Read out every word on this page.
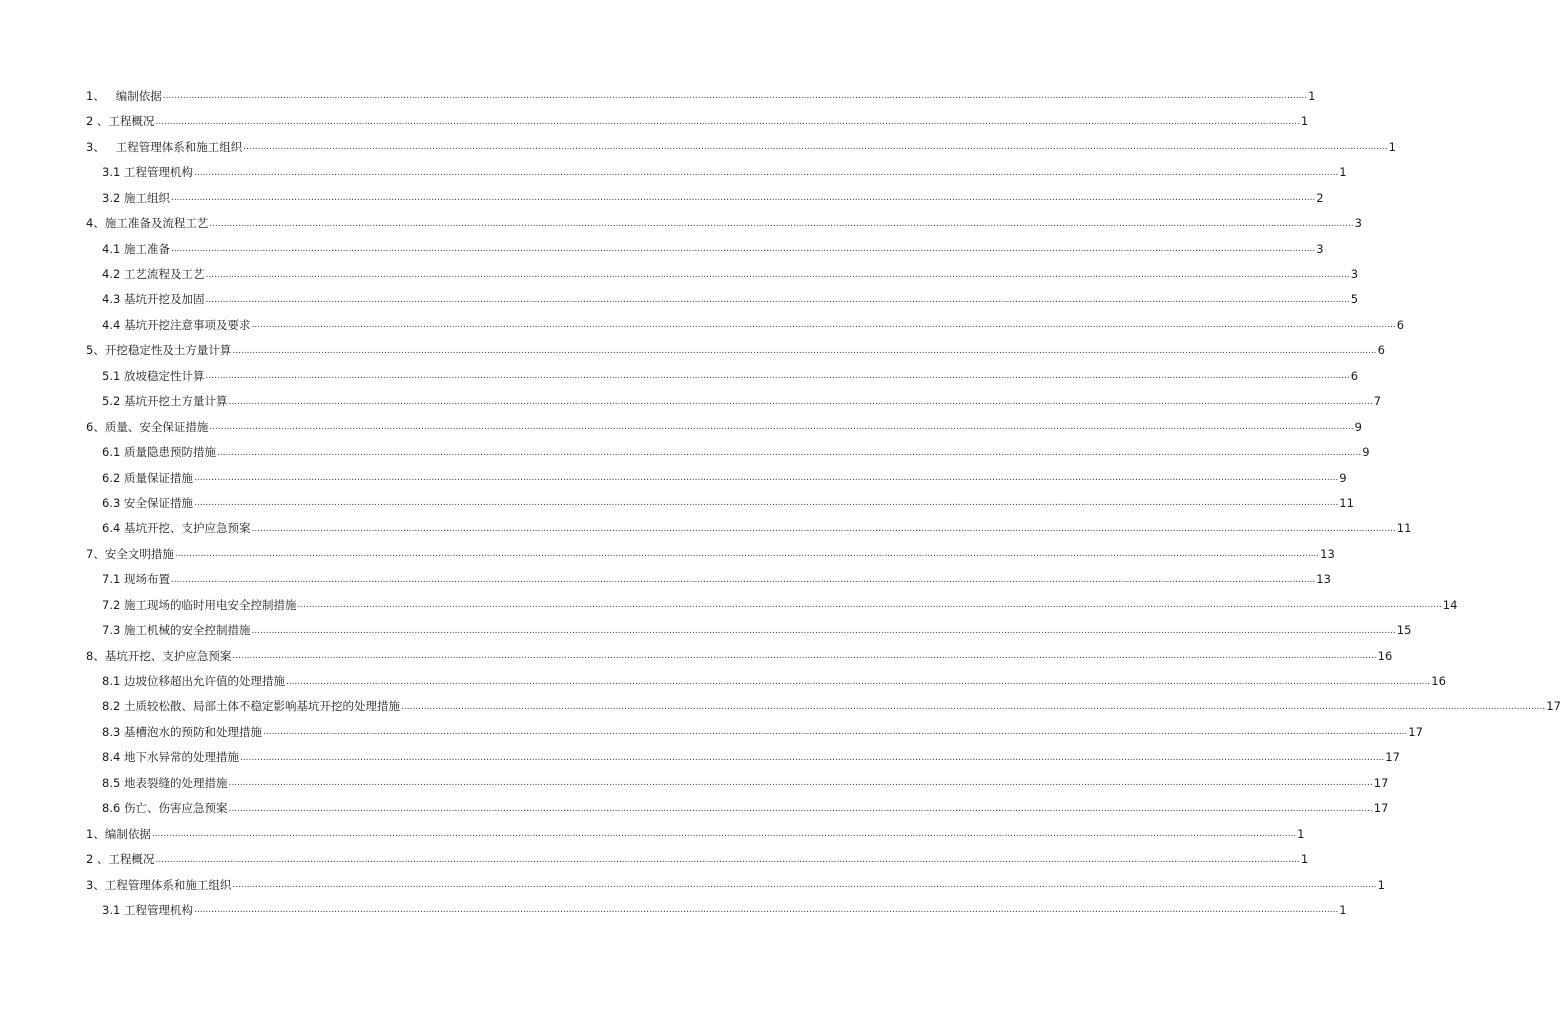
1、   编制依据 ................................................................................................................................................................................................................................................................................................................................................................................................................ 1
2 、工程概况 ................................................................................................................................................................................................................................................................................................................................................................................................................ 1
3、   工程管理体系和施工组织 ................................................................................................................................................................................................................................................................................................................................................................................................................ 1
3.1 工程管理机构 ................................................................................................................................................................................................................................................................................................................................................................................................................ 1
3.2 施工组织 ................................................................................................................................................................................................................................................................................................................................................................................................................ 2
4、施工准备及流程工艺 ................................................................................................................................................................................................................................................................................................................................................................................................................ 3
4.1 施工准备 ................................................................................................................................................................................................................................................................................................................................................................................................................ 3
4.2 工艺流程及工艺 ................................................................................................................................................................................................................................................................................................................................................................................................................ 3
4.3 基坑开挖及加固 ................................................................................................................................................................................................................................................................................................................................................................................................................ 5
4.4 基坑开挖注意事项及要求 ................................................................................................................................................................................................................................................................................................................................................................................................................ 6
5、开挖稳定性及土方量计算 ................................................................................................................................................................................................................................................................................................................................................................................................................ 6
5.1 放坡稳定性计算 ................................................................................................................................................................................................................................................................................................................................................................................................................ 6
5.2 基坑开挖土方量计算 ................................................................................................................................................................................................................................................................................................................................................................................................................ 7
6、质量、安全保证措施 ................................................................................................................................................................................................................................................................................................................................................................................................................ 9
6.1 质量隐患预防措施 ................................................................................................................................................................................................................................................................................................................................................................................................................ 9
6.2 质量保证措施 ................................................................................................................................................................................................................................................................................................................................................................................................................ 9
6.3 安全保证措施 ................................................................................................................................................................................................................................................................................................................................................................................................................ 11
6.4 基坑开挖、支护应急预案 ................................................................................................................................................................................................................................................................................................................................................................................................................ 11
7、安全文明措施 ................................................................................................................................................................................................................................................................................................................................................................................................................ 13
7.1 现场布置 ................................................................................................................................................................................................................................................................................................................................................................................................................ 13
7.2 施工现场的临时用电安全控制措施 ................................................................................................................................................................................................................................................................................................................................................................................................................ 14
7.3 施工机械的安全控制措施 ................................................................................................................................................................................................................................................................................................................................................................................................................ 15
8、基坑开挖、支护应急预案 ................................................................................................................................................................................................................................................................................................................................................................................................................ 16
8.1 边坡位移超出允许值的处理措施 ................................................................................................................................................................................................................................................................................................................................................................................................................ 16
8.2 土质较松散、局部土体不稳定影响基坑开挖的处理措施 ................................................................................................................................................................................................................................................................................................................................................................................................................ 17
8.3 基槽泡水的预防和处理措施 ................................................................................................................................................................................................................................................................................................................................................................................................................ 17
8.4 地下水异常的处理措施 ................................................................................................................................................................................................................................................................................................................................................................................................................ 17
8.5 地表裂缝的处理措施 ................................................................................................................................................................................................................................................................................................................................................................................................................ 17
8.6 伤亡、伤害应急预案 ................................................................................................................................................................................................................................................................................................................................................................................................................ 17
1、编制依据 ................................................................................................................................................................................................................................................................................................................................................................................................................ 1
2 、工程概况 ................................................................................................................................................................................................................................................................................................................................................................................................................ 1
3、工程管理体系和施工组织 ................................................................................................................................................................................................................................................................................................................................................................................................................ 1
3.1 工程管理机构 ................................................................................................................................................................................................................................................................................................................................................................................................................ 1
